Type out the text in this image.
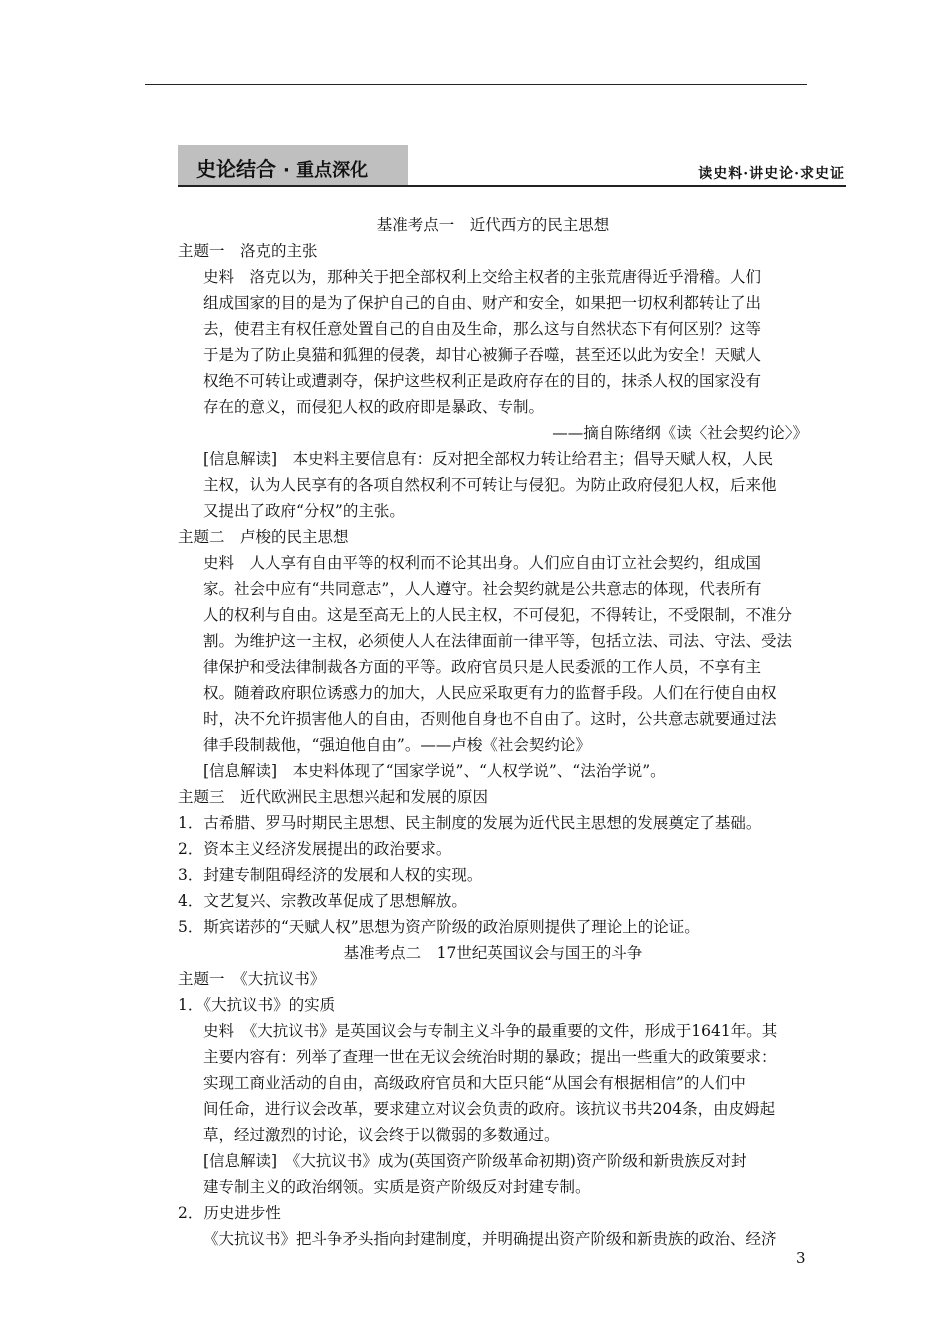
史论结合 · 重点深化	读史料·讲史论·求史证

基准考点一　近代西方的民主思想

主题一　洛克的主张

史料　洛克以为，那种关于把全部权利上交给主权者的主张荒唐得近乎滑稽。人们

组成国家的目的是为了保护自己的自由、财产和安全，如果把一切权利都转让了出

去，使君主有权任意处置自己的自由及生命，那么这与自然状态下有何区别？这等

于是为了防止臭猫和狐狸的侵袭，却甘心被狮子吞噬，甚至还以此为安全！天赋人

权绝不可转让或遭剥夺，保护这些权利正是政府存在的目的，抹杀人权的国家没有

存在的意义，而侵犯人权的政府即是暴政、专制。

——摘自陈绪纲《读〈社会契约论〉》

[信息解读]　本史料主要信息有：反对把全部权力转让给君主；倡导天赋人权，人民

主权，认为人民享有的各项自然权利不可转让与侵犯。为防止政府侵犯人权，后来他

又提出了政府“分权”的主张。

主题二　卢梭的民主思想

史料　人人享有自由平等的权利而不论其出身。人们应自由订立社会契约，组成国

家。社会中应有“共同意志”，人人遵守。社会契约就是公共意志的体现，代表所有

人的权利与自由。这是至高无上的人民主权，不可侵犯，不得转让，不受限制，不准分

割。为维护这一主权，必须使人人在法律面前一律平等，包括立法、司法、守法、受法

律保护和受法律制裁各方面的平等。政府官员只是人民委派的工作人员，不享有主

权。随着政府职位诱惑力的加大，人民应采取更有力的监督手段。人们在行使自由权

时，决不允许损害他人的自由，否则他自身也不自由了。这时，公共意志就要通过法

律手段制裁他，“强迫他自由”。——卢梭《社会契约论》

[信息解读]　本史料体现了“国家学说”、“人权学说”、“法治学说”。

主题三　近代欧洲民主思想兴起和发展的原因

1．古希腊、罗马时期民主思想、民主制度的发展为近代民主思想的发展奠定了基础。

2．资本主义经济发展提出的政治要求。

3．封建专制阻碍经济的发展和人权的实现。

4．文艺复兴、宗教改革促成了思想解放。

5．斯宾诺莎的“天赋人权”思想为资产阶级的政治原则提供了理论上的论证。

基准考点二　17世纪英国议会与国王的斗争

主题一　《大抗议书》

1．《大抗议书》的实质

史料　《大抗议书》是英国议会与专制主义斗争的最重要的文件，形成于1641年。其

主要内容有：列举了查理一世在无议会统治时期的暴政；提出一些重大的政策要求：

实现工商业活动的自由，高级政府官员和大臣只能“从国会有根据相信”的人们中

间任命，进行议会改革，要求建立对议会负责的政府。该抗议书共204条，由皮姆起

草，经过激烈的讨论，议会终于以微弱的多数通过。

[信息解读]　《大抗议书》成为(英国资产阶级革命初期)资产阶级和新贵族反对封

建专制主义的政治纲领。实质是资产阶级反对封建专制。

2．历史进步性

《大抗议书》把斗争矛头指向封建制度，并明确提出资产阶级和新贵族的政治、经济

3
